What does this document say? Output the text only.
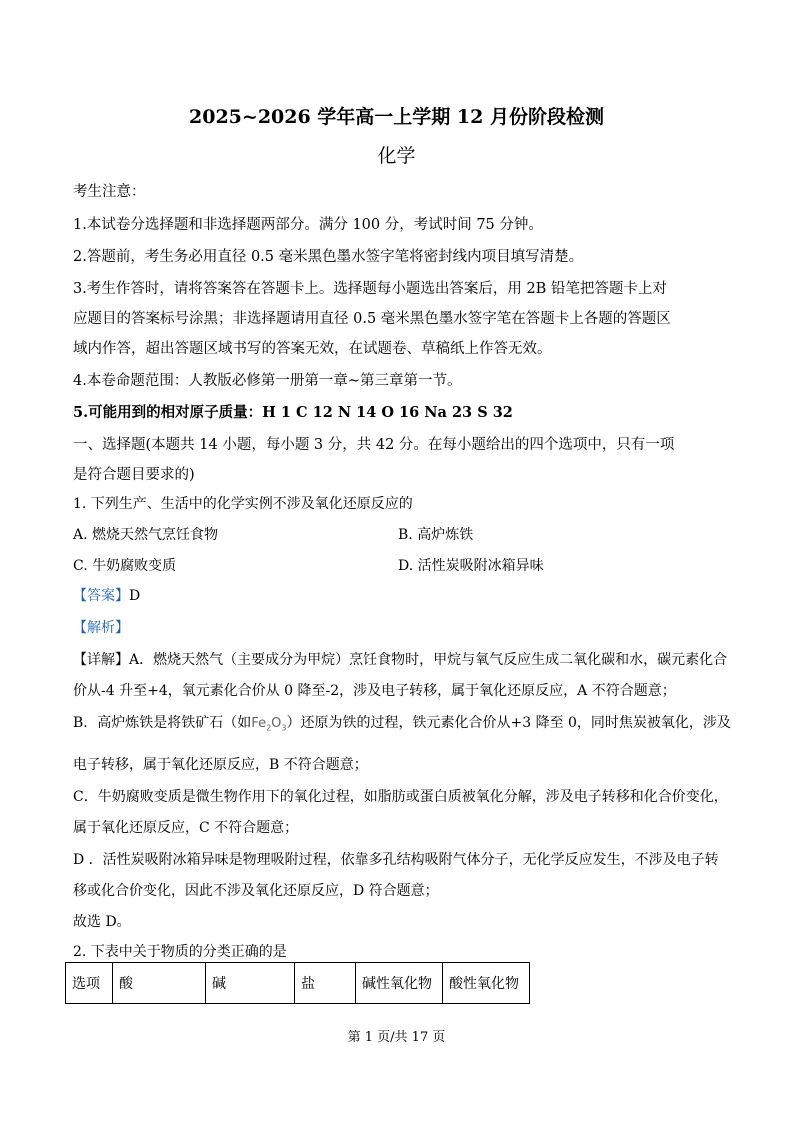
2025~2026 学年高一上学期 12 月份阶段检测
化学
考生注意：
1.本试卷分选择题和非选择题两部分。满分 100 分，考试时间 75 分钟。
2.答题前，考生务必用直径 0.5 毫米黑色墨水签字笔将密封线内项目填写清楚。
3.考生作答时，请将答案答在答题卡上。选择题每小题选出答案后，用 2B 铅笔把答题卡上对
应题目的答案标号涂黑；非选择题请用直径 0.5 毫米黑色墨水签字笔在答题卡上各题的答题区
域内作答，超出答题区域书写的答案无效，在试题卷、草稿纸上作答无效。
4.本卷命题范围：人教版必修第一册第一章~第三章第一节。
5.可能用到的相对原子质量：H 1 C 12 N 14 O 16 Na 23 S 32
一、选择题(本题共 14 小题，每小题 3 分，共 42 分。在每小题给出的四个选项中，只有一项
是符合题目要求的)
1. 下列生产、生活中的化学实例不涉及氧化还原反应的
A. 燃烧天然气烹饪食物	B. 高炉炼铁
C. 牛奶腐败变质	D. 活性炭吸附冰箱异味
【答案】D
【解析】
【详解】A．燃烧天然气（主要成分为甲烷）烹饪食物时，甲烷与氧气反应生成二氧化碳和水，碳元素化合
价从-4 升至+4，氧元素化合价从 0 降至-2，涉及电子转移，属于氧化还原反应，A 不符合题意；
B．高炉炼铁是将铁矿石（如$Fe_2O_3$）还原为铁的过程，铁元素化合价从+3 降至 0，同时焦炭被氧化，涉及
电子转移，属于氧化还原反应，B 不符合题意；
C．牛奶腐败变质是微生物作用下的氧化过程，如脂肪或蛋白质被氧化分解，涉及电子转移和化合价变化，
属于氧化还原反应，C 不符合题意；
D ．活性炭吸附冰箱异味是物理吸附过程，依靠多孔结构吸附气体分子，无化学反应发生，不涉及电子转
移或化合价变化，因此不涉及氧化还原反应，D 符合题意；
故选 D。
2. 下表中关于物质的分类正确的是
选项	酸	碱	盐	碱性氧化物	酸性氧化物
第 1 页/共 17 页
